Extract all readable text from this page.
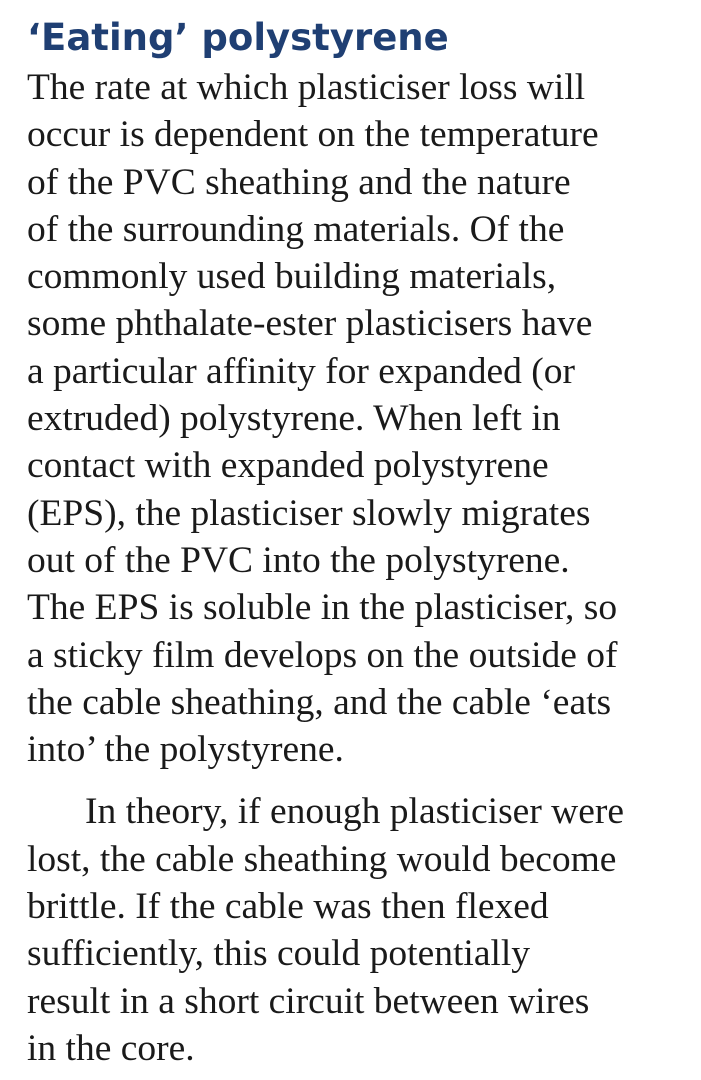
‘Eating’ polystyrene

The rate at which plasticiser loss will
occur is dependent on the temperature
of the PVC sheathing and the nature
of the surrounding materials. Of the
commonly used building materials,
some phthalate-ester plasticisers have
a particular affinity for expanded (or
extruded) polystyrene. When left in
contact with expanded polystyrene
(EPS), the plasticiser slowly migrates
out of the PVC into the polystyrene.
The EPS is soluble in the plasticiser, so
a sticky film develops on the outside of
the cable sheathing, and the cable ‘eats
into’ the polystyrene.

In theory, if enough plasticiser were
lost, the cable sheathing would become
brittle. If the cable was then flexed
sufficiently, this could potentially
result in a short circuit between wires
in the core.
